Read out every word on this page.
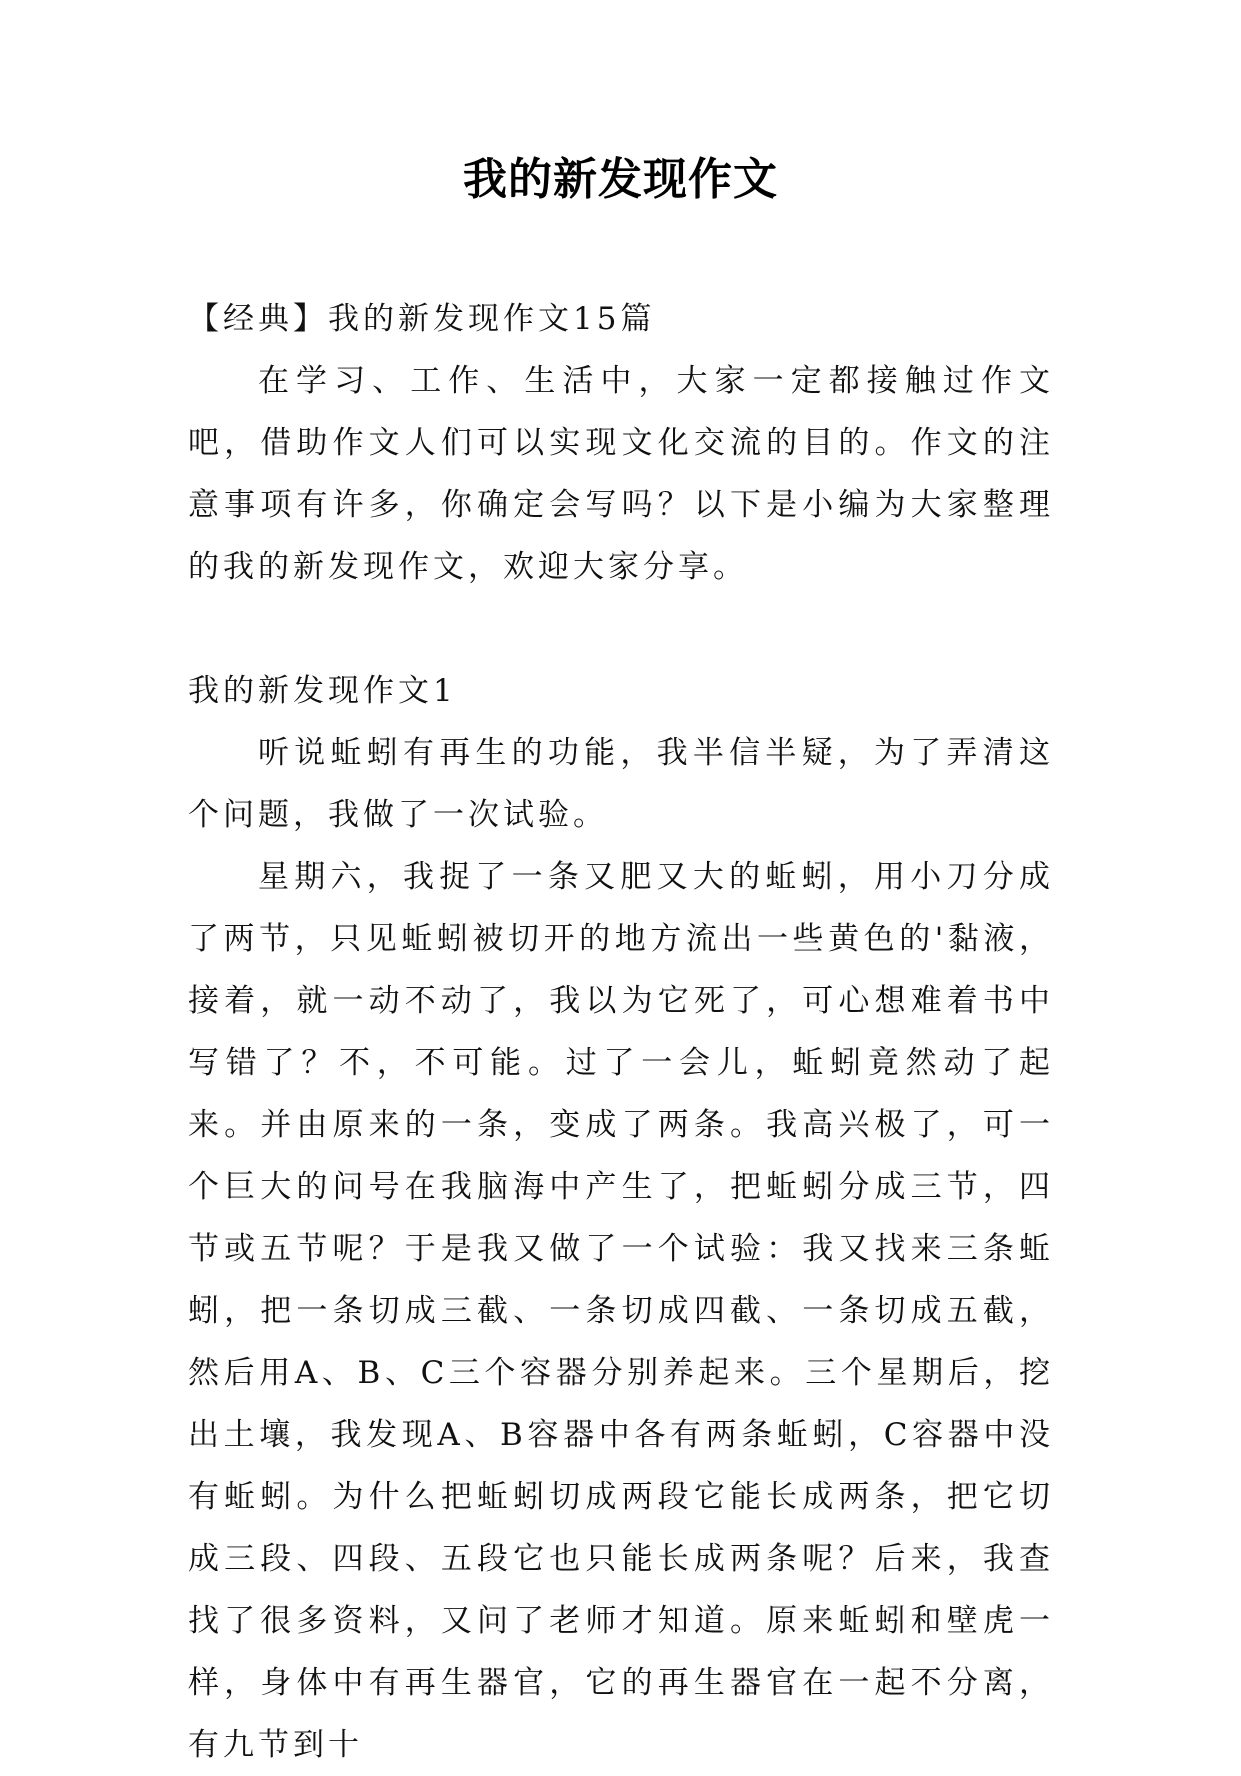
我的新发现作文

【经典】我的新发现作文15篇

在学习、工作、生活中，大家一定都接触过作文吧，借助作文人们可以实现文化交流的目的。作文的注意事项有许多，你确定会写吗？以下是小编为大家整理的我的新发现作文，欢迎大家分享。

我的新发现作文1

听说蚯蚓有再生的功能，我半信半疑，为了弄清这个问题，我做了一次试验。

星期六，我捉了一条又肥又大的蚯蚓，用小刀分成了两节，只见蚯蚓被切开的地方流出一些黄色的'黏液，接着，就一动不动了，我以为它死了，可心想难着书中写错了？不，不可能。过了一会儿，蚯蚓竟然动了起来。并由原来的一条，变成了两条。我高兴极了，可一个巨大的问号在我脑海中产生了，把蚯蚓分成三节，四节或五节呢？于是我又做了一个试验：我又找来三条蚯蚓，把一条切成三截、一条切成四截、一条切成五截，然后用A、B、C三个容器分别养起来。三个星期后，挖出土壤，我发现A、B容器中各有两条蚯蚓，C容器中没有蚯蚓。为什么把蚯蚓切成两段它能长成两条，把它切成三段、四段、五段它也只能长成两条呢？后来，我查找了很多资料，又问了老师才知道。原来蚯蚓和壁虎一样，身体中有再生器官，它的再生器官在一起不分离，有九节到十
